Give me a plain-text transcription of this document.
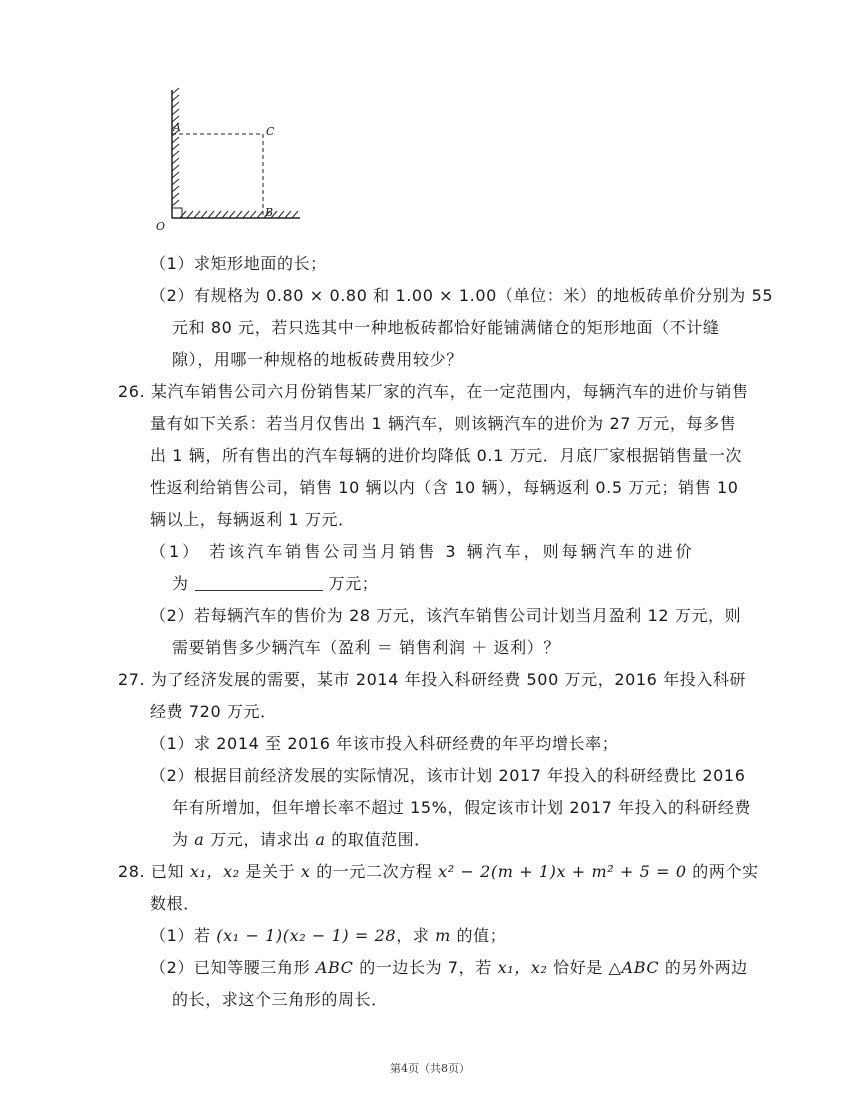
A	C
B
O
（1）求矩形地面的长；
（2）有规格为 0.80 × 0.80 和 1.00 × 1.00（单位：米）的地板砖单价分别为 55
元和 80 元，若只选其中一种地板砖都恰好能铺满储仓的矩形地面（不计缝
隙），用哪一种规格的地板砖费用较少？
26. 某汽车销售公司六月份销售某厂家的汽车，在一定范围内，每辆汽车的进价与销售
量有如下关系：若当月仅售出 1 辆汽车，则该辆汽车的进价为 27 万元，每多售
出 1 辆，所有售出的汽车每辆的进价均降低 0.1 万元．月底厂家根据销售量一次
性返利给销售公司，销售 10 辆以内（含 10 辆），每辆返利 0.5 万元；销售 10
辆以上，每辆返利 1 万元．
（1） 若该汽车销售公司当月销售 3 辆汽车，则每辆汽车的进价
为	万元；
（2）若每辆汽车的售价为 28 万元，该汽车销售公司计划当月盈利 12 万元，则
需要销售多少辆汽车（盈利 ＝ 销售利润 ＋ 返利）？
27. 为了经济发展的需要，某市 2014 年投入科研经费 500 万元，2016 年投入科研
经费 720 万元．
（1）求 2014 至 2016 年该市投入科研经费的年平均增长率；
（2）根据目前经济发展的实际情况，该市计划 2017 年投入的科研经费比 2016
年有所增加，但年增长率不超过 15%，假定该市计划 2017 年投入的科研经费
为 a 万元，请求出 a 的取值范围．
28. 已知 x₁，x₂ 是关于 x 的一元二次方程 x² − 2(m + 1)x + m² + 5 = 0 的两个实
数根．
（1）若 (x₁ − 1)(x₂ − 1) = 28，求 m 的值；
（2）已知等腰三角形 ABC 的一边长为 7，若 x₁，x₂ 恰好是 △ABC 的另外两边
的长，求这个三角形的周长．
第4页（共8页）
